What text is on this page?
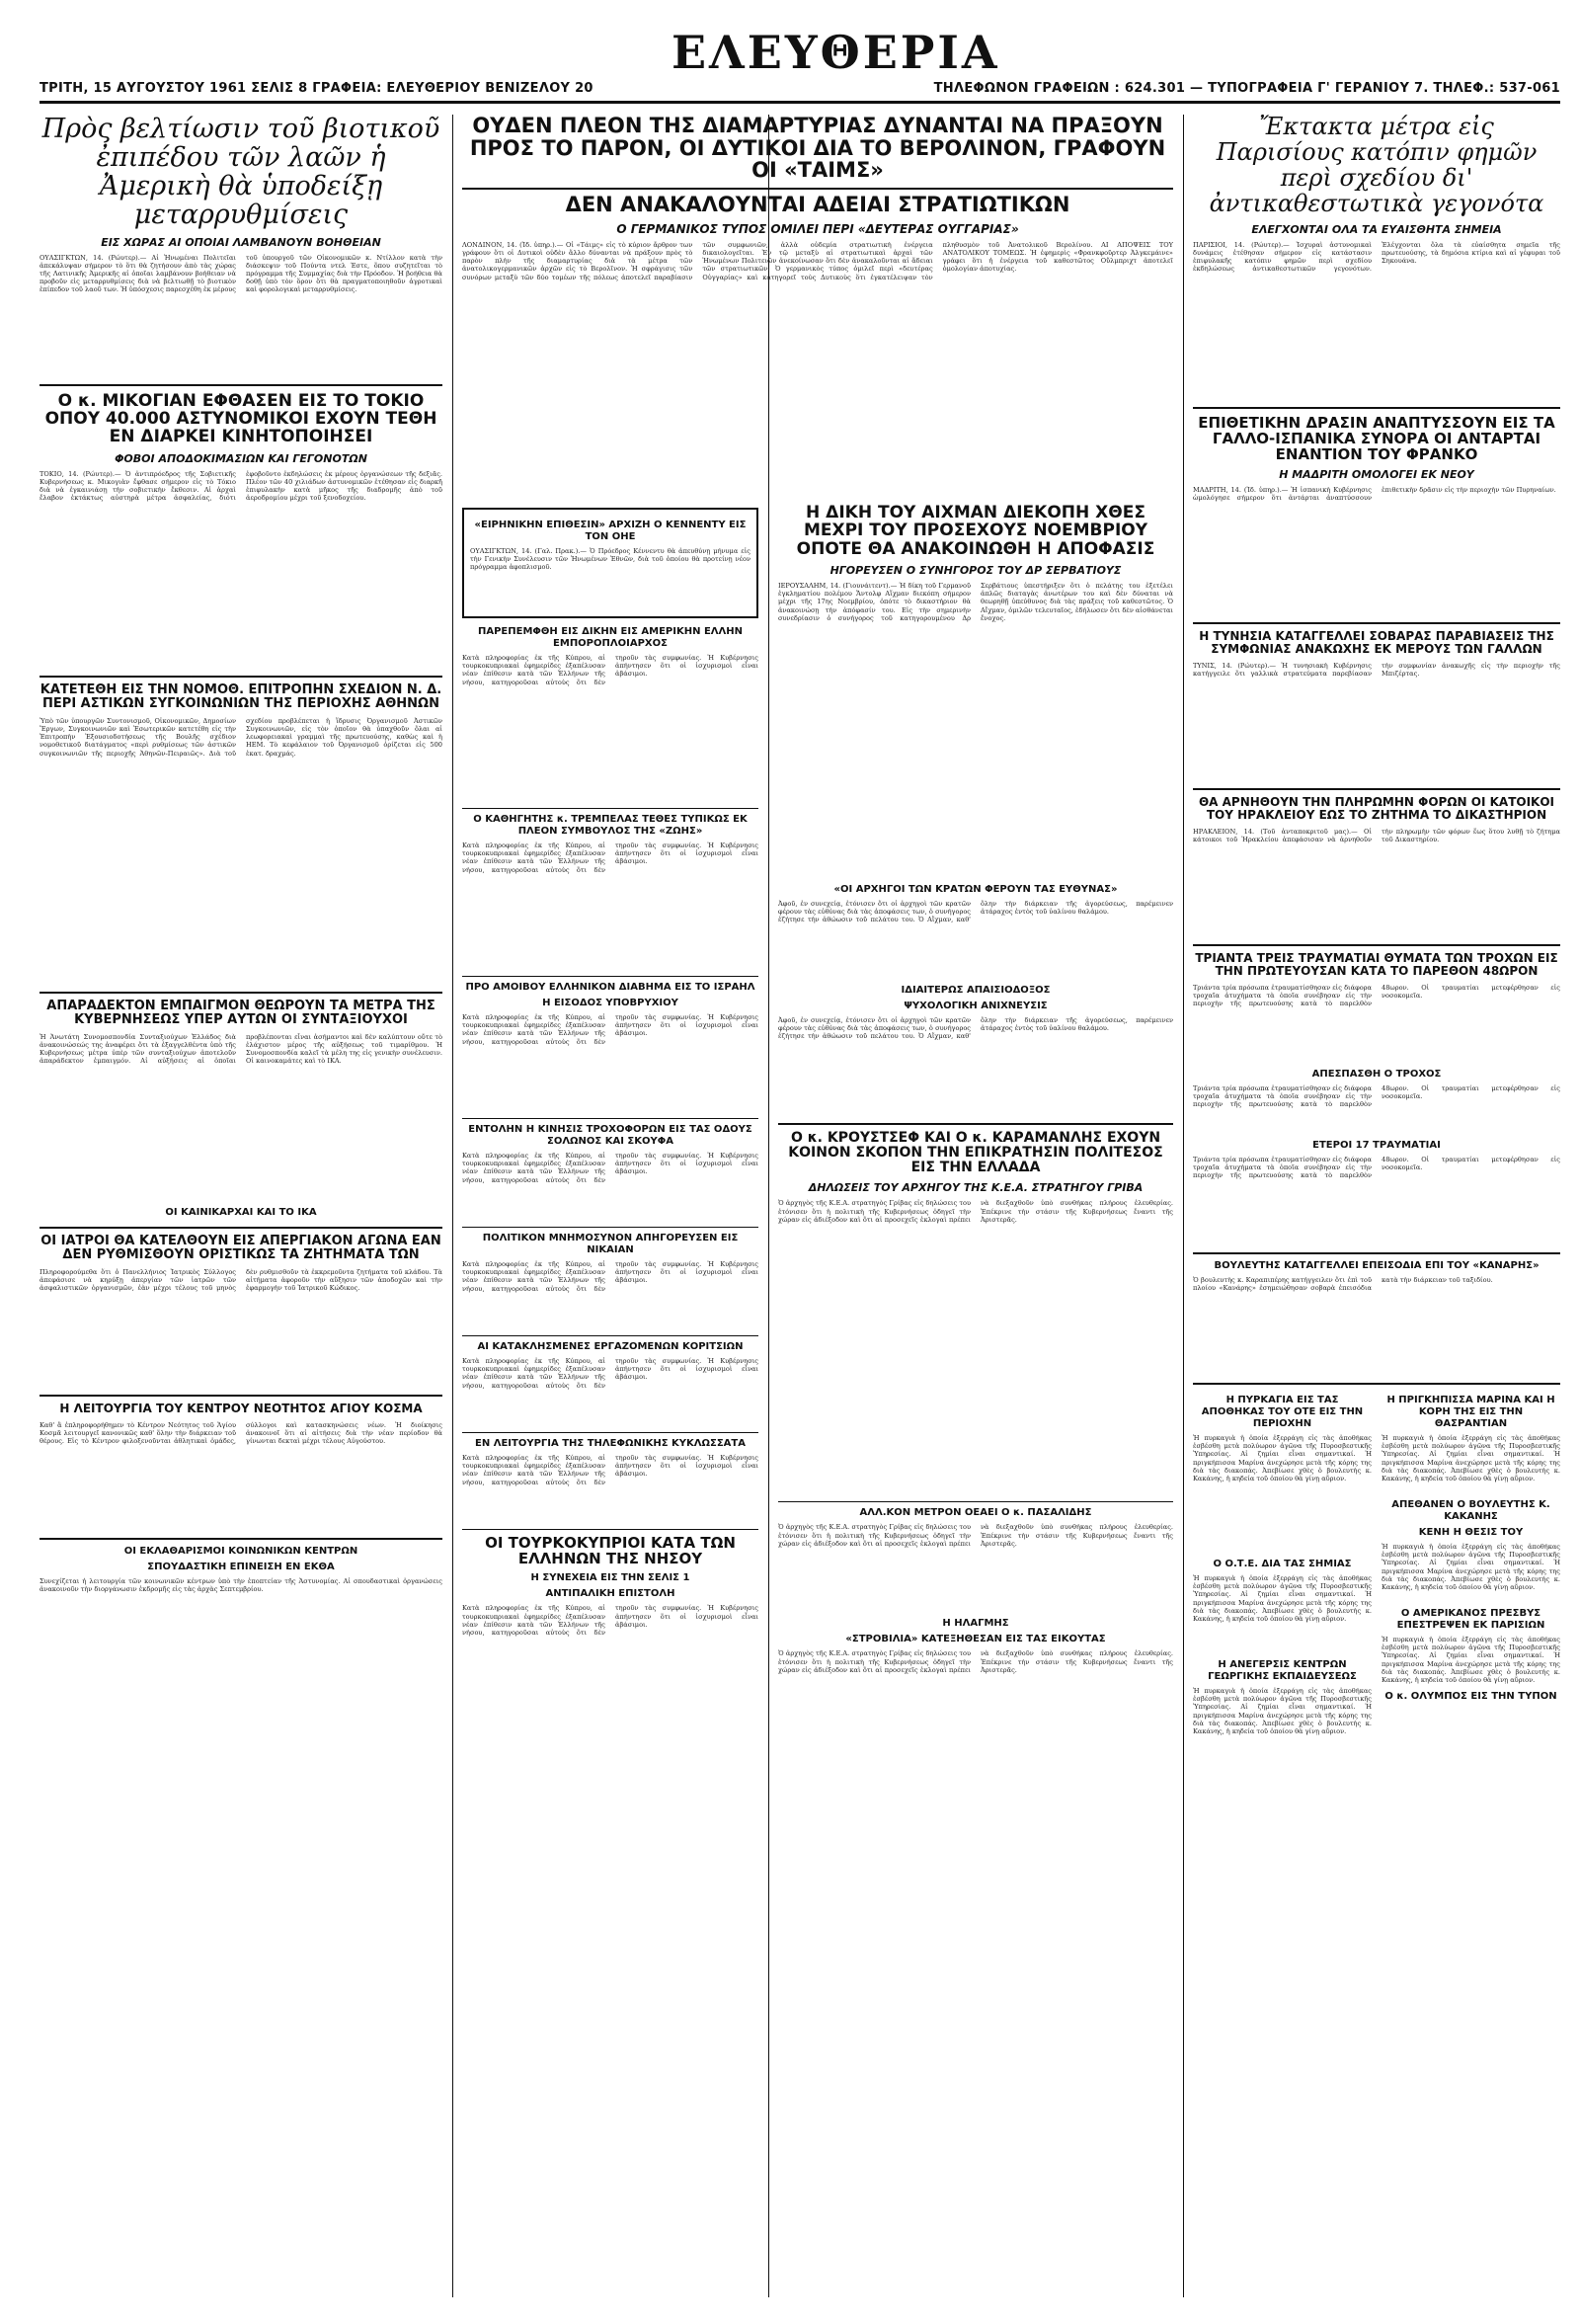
ΕΛΕΥΘΕΡΙΑ
ΤΡΙΤΗ, 15 ΑΥΓΟΥΣΤΟΥ 1961 ΣΕΛΙΣ 8 ΓΡΑΦΕΙΑ: ΕΛΕΥΘΕΡΙΟΥ ΒΕΝΙΖΕΛΟΥ 20	ΤΗΛΕΦΩΝΟΝ ΓΡΑΦΕΙΩΝ : 624.301 — ΤΥΠΟΓΡΑΦΕΙΑ Γ' ΓΕΡΑΝΙΟΥ 7. ΤΗΛΕΦ.: 537-061
Πρὸς βελτίωσιν τοῦ βιοτικοῦ ἐπιπέδου τῶν λαῶν ἡ Ἀμερικὴ θὰ ὑποδείξῃ μεταρρυθμίσεις
ΕΙΣ ΧΩΡΑΣ ΑΙ ΟΠΟΙΑΙ ΛΑΜΒΑΝΟΥΝ ΒΟΗΘΕΙΑΝ
ΟΥΑΣΙΓΚΤΩΝ, 14. (Ρώυτερ).— Αἱ Ἡνωμέναι Πολιτεῖαι ἀπεκάλυψαν σήμερον τὸ ὅτι θὰ ζητήσουν ἀπὸ τὰς χώρας τῆς Λατινικῆς Ἀμερικῆς αἱ ὁποῖαι λαμβάνουν βοήθειαν νὰ προβοῦν εἰς μεταρρυθμίσεις διὰ νὰ βελτιωθῇ τὸ βιοτικὸν ἐπίπεδον τοῦ λαοῦ των. Ἡ ὑπόσχεσις παρεσχέθη ἐκ μέρους τοῦ ὑπουργοῦ τῶν Οἰκονομικῶν κ. Ντίλλον κατὰ τὴν διάσκεψιν τοῦ Πούντα ντελ Έστε, ὅπου συζητεῖται τὸ πρόγραμμα τῆς Συμμαχίας διὰ τὴν Πρόοδον. Ἡ βοήθεια θὰ δοθῇ ὑπὸ τὸν ὅρον ὅτι θὰ πραγματοποιηθοῦν ἀγροτικαὶ καὶ φορολογικαὶ μεταρρυθμίσεις.
Ο κ. ΜΙΚΟΓΙΑΝ ΕΦΘΑΣΕΝ ΕΙΣ ΤΟ ΤΟΚΙΟ ΟΠΟΥ 40.000 ΑΣΤΥΝΟΜΙΚΟΙ ΕΧΟΥΝ ΤΕΘΗ ΕΝ ΔΙΑΡΚΕΙ ΚΙΝΗΤΟΠΟΙΗΣΕΙ
ΦΟΒΟΙ ΑΠΟΔΟΚΙΜΑΣΙΩΝ ΚΑΙ ΓΕΓΟΝΟΤΩΝ
ΤΟΚΙΟ, 14. (Ρώυτερ).— Ὁ ἀντιπρόεδρος τῆς Σοβιετικῆς Κυβερνήσεως κ. Μικογιὰν ἔφθασε σήμερον εἰς τὸ Τόκιο διὰ νὰ ἐγκαινιάσῃ τὴν σοβιετικὴν ἔκθεσιν. Αἱ ἀρχαὶ ἔλαβον ἐκτάκτως αὐστηρὰ μέτρα ἀσφαλείας, διότι ἐφοβοῦντο ἐκδηλώσεις ἐκ μέρους ὀργανώσεων τῆς δεξιᾶς. Πλέον τῶν 40 χιλιάδων ἀστυνομικῶν ἐτέθησαν εἰς διαρκῆ ἐπιφυλακὴν κατὰ μῆκος τῆς διαδρομῆς ἀπὸ τοῦ ἀεροδρομίου μέχρι τοῦ ξενοδοχείου.
ΚΑΤΕΤΕΘΗ ΕΙΣ ΤΗΝ ΝΟΜΟΘ. ΕΠΙΤΡΟΠΗΝ ΣΧΕΔΙΟΝ Ν. Δ. ΠΕΡΙ ΑΣΤΙΚΩΝ ΣΥΓΚΟΙΝΩΝΙΩΝ ΤΗΣ ΠΕΡΙΟΧΗΣ ΑΘΗΝΩΝ
Ὑπὸ τῶν ὑπουργῶν Συντονισμοῦ, Οἰκονομικῶν, Δημοσίων Ἔργων, Συγκοινωνιῶν καὶ Ἐσωτερικῶν κατετέθη εἰς τὴν Ἐπιτροπὴν Ἐξουσιοδοτήσεως τῆς Βουλῆς σχέδιον νομοθετικοῦ διατάγματος «περὶ ρυθμίσεως τῶν ἀστικῶν συγκοινωνιῶν τῆς περιοχῆς Ἀθηνῶν-Πειραιῶς». Διὰ τοῦ σχεδίου προβλέπεται ἡ ἵδρυσις Ὀργανισμοῦ Ἀστικῶν Συγκοινωνιῶν, εἰς τὸν ὁποῖον θὰ ὑπαχθοῦν ὅλαι αἱ λεωφορειακαὶ γραμμαὶ τῆς πρωτευούσης, καθὼς καὶ ἡ ΗΕΜ. Τὸ κεφάλαιον τοῦ Ὀργανισμοῦ ὁρίζεται εἰς 500 ἑκατ. δραχμάς.
ΑΠΑΡΑΔΕΚΤΟΝ ΕΜΠΑΙΓΜΟΝ ΘΕΩΡΟΥΝ ΤΑ ΜΕΤΡΑ ΤΗΣ ΚΥΒΕΡΝΗΣΕΩΣ ΥΠΕΡ ΑΥΤΩΝ ΟΙ ΣΥΝΤΑΞΙΟΥΧΟΙ
Ἡ Ἀνωτάτη Συνομοσπονδία Συνταξιούχων Ἑλλάδος διὰ ἀνακοινώσεώς της ἀναφέρει ὅτι τὰ ἐξαγγελθέντα ὑπὸ τῆς Κυβερνήσεως μέτρα ὑπὲρ τῶν συνταξιούχων ἀποτελοῦν ἀπαράδεκτον ἐμπαιγμόν. Αἱ αὐξήσεις αἱ ὁποῖαι προβλέπονται εἶναι ἀσήμαντοι καὶ δὲν καλύπτουν οὔτε τὸ ἐλάχιστον μέρος τῆς αὐξήσεως τοῦ τιμαρίθμου. Ἡ Συνομοσπονδία καλεῖ τὰ μέλη της εἰς γενικὴν συνέλευσιν. Οἱ καινοκαμάτες καὶ τὸ ΙΚΑ.
ΟΙ ΚΑΙΝΙΚΑΡΧΑΙ ΚΑΙ ΤΟ ΙΚΑ
ΟΙ ΙΑΤΡΟΙ ΘΑ ΚΑΤΕΛΘΟΥΝ ΕΙΣ ΑΠΕΡΓΙΑΚΟΝ ΑΓΩΝΑ ΕΑΝ ΔΕΝ ΡΥΘΜΙΣΘΟΥΝ ΟΡΙΣΤΙΚΩΣ ΤΑ ΖΗΤΗΜΑΤΑ ΤΩΝ
Πληροφορούμεθα ὅτι ὁ Πανελλήνιος Ἰατρικὸς Σύλλογος ἀπεφάσισε νὰ κηρύξῃ ἀπεργίαν τῶν ἰατρῶν τῶν ἀσφαλιστικῶν ὀργανισμῶν, ἐὰν μέχρι τέλους τοῦ μηνὸς δὲν ρυθμισθοῦν τὰ ἐκκρεμοῦντα ζητήματα τοῦ κλάδου. Τὰ αἰτήματα ἀφοροῦν τὴν αὔξησιν τῶν ἀποδοχῶν καὶ τὴν ἐφαρμογὴν τοῦ Ἰατρικοῦ Κώδικος.
Η ΛΕΙΤΟΥΡΓΙΑ ΤΟΥ ΚΕΝΤΡΟΥ ΝΕΟΤΗΤΟΣ ΑΓΙΟΥ ΚΟΣΜΑ
Καθ' ἃ ἐπληροφορήθημεν τὸ Κέντρον Νεότητος τοῦ Ἁγίου Κοσμᾶ λειτουργεῖ κανονικῶς καθ' ὅλην τὴν διάρκειαν τοῦ θέρους. Εἰς τὸ Κέντρον φιλοξενοῦνται ἀθλητικαὶ ὁμάδες, σύλλογοι καὶ κατασκηνώσεις νέων. Ἡ διοίκησις ἀνακοινοῖ ὅτι αἱ αἰτήσεις διὰ τὴν νέαν περίοδον θὰ γίνωνται δεκταὶ μέχρι τέλους Αὐγούστου.
ΟΙ ΕΚΛΑΘΑΡΙΣΜΟΙ ΚΟΙΝΩΝΙΚΩΝ ΚΕΝΤΡΩΝ
ΣΠΟΥΔΑΣΤΙΚΗ ΕΠΙΝΕΙΣΗ ΕΝ ΕΚΘΑ
Συνεχίζεται ἡ λειτουργία τῶν κοινωνικῶν κέντρων ὑπὸ τὴν ἐποπτείαν τῆς Ἀστυνομίας. Αἱ σπουδαστικαὶ ὀργανώσεις ἀνακοινοῦν τὴν διοργάνωσιν ἐκδρομῆς εἰς τὰς ἀρχὰς Σεπτεμβρίου.
ΟΥΔΕΝ ΠΛΕΟΝ ΤΗΣ ΔΙΑΜΑΡΤΥΡΙΑΣ ΔΥΝΑΝΤΑΙ ΝΑ ΠΡΑΞΟΥΝ ΠΡΟΣ ΤΟ ΠΑΡΟΝ, ΟΙ ΔΥΤΙΚΟΙ ΔΙΑ ΤΟ ΒΕΡΟΛΙΝΟΝ, ΓΡΑΦΟΥΝ ΟΙ «ΤΑΙΜΣ»
ΔΕΝ ΑΝΑΚΑΛΟΥΝΤΑΙ ΑΔΕΙΑΙ ΣΤΡΑΤΙΩΤΙΚΩΝ
Ο ΓΕΡΜΑΝΙΚΟΣ ΤΥΠΟΣ ΟΜΙΛΕΙ ΠΕΡΙ «ΔΕΥΤΕΡΑΣ ΟΥΓΓΑΡΙΑΣ»
ΛΟΝΔΙΝΟΝ, 14. (Ἰδ. ὑπηρ.).— Οἱ «Τάιμς» εἰς τὸ κύριον ἄρθρον των γράφουν ὅτι οἱ Δυτικοὶ οὐδὲν ἄλλο δύνανται νὰ πράξουν πρὸς τὸ παρὸν πλὴν τῆς διαμαρτυρίας διὰ τὰ μέτρα τῶν ἀνατολικογερμανικῶν ἀρχῶν εἰς τὸ Βερολῖνον. Ἡ σφράγισις τῶν συνόρων μεταξὺ τῶν δύο τομέων τῆς πόλεως ἀποτελεῖ παραβίασιν τῶν συμφωνιῶν, ἀλλὰ οὐδεμία στρατιωτικὴ ἐνέργεια δικαιολογεῖται. Ἐν τῷ μεταξὺ αἱ στρατιωτικαὶ ἀρχαὶ τῶν Ἡνωμένων Πολιτειῶν ἀνεκοίνωσαν ὅτι δὲν ἀνακαλοῦνται αἱ ἄδειαι τῶν στρατιωτικῶν. Ὁ γερμανικὸς τύπος ὁμιλεῖ περὶ «δευτέρας Οὐγγαρίας» καὶ κατηγορεῖ τοὺς Δυτικοὺς ὅτι ἐγκατέλειψαν τὸν πληθυσμὸν τοῦ Ἀνατολικοῦ Βερολίνου. ΑΙ ΑΠΟΨΕΙΣ ΤΟΥ ΑΝΑΤΟΛΙΚΟΥ ΤΟΜΕΩΣ. Ἡ ἐφημερὶς «Φρανκφοῦρτερ Ἀλγκεμάινε» γράφει ὅτι ἡ ἐνέργεια τοῦ καθεστῶτος Οὔλμπριχτ ἀποτελεῖ ὁμολογίαν ἀποτυχίας.
«ΕΙΡΗΝΙΚΗΝ ΕΠΙΘΕΣΙΝ» ΑΡΧΙΖΗ Ο ΚΕΝΝΕΝΤΥ ΕΙΣ ΤΟΝ ΟΗΕ
ΟΥΑΣΙΓΚΤΩΝ, 14. (Γαλ. Πρακ.).— Ὁ Πρόεδρος Κέννεντυ θὰ ἀπευθύνῃ μήνυμα εἰς τὴν Γενικὴν Συνέλευσιν τῶν Ἡνωμένων Ἐθνῶν, διὰ τοῦ ὁποίου θὰ προτείνῃ νέον πρόγραμμα ἀφοπλισμοῦ.
ΠΑΡΕΠΕΜΦΘΗ ΕΙΣ ΔΙΚΗΝ ΕΙΣ ΑΜΕΡΙΚΗΝ ΕΛΛΗΝ ΕΜΠΟΡΟΠΛΟΙΑΡΧΟΣ
Κατὰ πληροφορίας ἐκ τῆς Κύπρου, αἱ τουρκοκυπριακαὶ ἐφημερίδες ἐξαπέλυσαν νέαν ἐπίθεσιν κατὰ τῶν Ἑλλήνων τῆς νήσου, κατηγοροῦσαι αὐτοὺς ὅτι δὲν τηροῦν τὰς συμφωνίας. Ἡ Κυβέρνησις ἀπήντησεν ὅτι οἱ ἰσχυρισμοὶ εἶναι ἀβάσιμοι.
Ο ΚΑΘΗΓΗΤΗΣ κ. ΤΡΕΜΠΕΛΑΣ ΤΕΘΕΣ ΤΥΠΙΚΩΣ ΕΚ ΠΛΕΟΝ ΣΥΜΒΟΥΛΟΣ ΤΗΣ «ΖΩΗΣ»
Κατὰ πληροφορίας ἐκ τῆς Κύπρου, αἱ τουρκοκυπριακαὶ ἐφημερίδες ἐξαπέλυσαν νέαν ἐπίθεσιν κατὰ τῶν Ἑλλήνων τῆς νήσου, κατηγοροῦσαι αὐτοὺς ὅτι δὲν τηροῦν τὰς συμφωνίας. Ἡ Κυβέρνησις ἀπήντησεν ὅτι οἱ ἰσχυρισμοὶ εἶναι ἀβάσιμοι.
ΠΡΟ ΑΜΟΙΒΟΥ ΕΛΛΗΝΙΚΟΝ ΔΙΑΒΗΜΑ ΕΙΣ ΤΟ ΙΣΡΑΗΛ
Η ΕΙΣΟΔΟΣ ΥΠΟΒΡΥΧΙΟΥ
Κατὰ πληροφορίας ἐκ τῆς Κύπρου, αἱ τουρκοκυπριακαὶ ἐφημερίδες ἐξαπέλυσαν νέαν ἐπίθεσιν κατὰ τῶν Ἑλλήνων τῆς νήσου, κατηγοροῦσαι αὐτοὺς ὅτι δὲν τηροῦν τὰς συμφωνίας. Ἡ Κυβέρνησις ἀπήντησεν ὅτι οἱ ἰσχυρισμοὶ εἶναι ἀβάσιμοι.
ΕΝΤΟΛΗΝ Η ΚΙΝΗΣΙΣ ΤΡΟΧΟΦΟΡΩΝ ΕΙΣ ΤΑΣ ΟΔΟΥΣ ΣΟΛΩΝΟΣ ΚΑΙ ΣΚΟΥΦΑ
Κατὰ πληροφορίας ἐκ τῆς Κύπρου, αἱ τουρκοκυπριακαὶ ἐφημερίδες ἐξαπέλυσαν νέαν ἐπίθεσιν κατὰ τῶν Ἑλλήνων τῆς νήσου, κατηγοροῦσαι αὐτοὺς ὅτι δὲν τηροῦν τὰς συμφωνίας. Ἡ Κυβέρνησις ἀπήντησεν ὅτι οἱ ἰσχυρισμοὶ εἶναι ἀβάσιμοι.
ΠΟΛΙΤΙΚΟΝ ΜΝΗΜΟΣΥΝΟΝ ΑΠΗΓΟΡΕΥΣΕΝ ΕΙΣ ΝΙΚΑΙΑΝ
Κατὰ πληροφορίας ἐκ τῆς Κύπρου, αἱ τουρκοκυπριακαὶ ἐφημερίδες ἐξαπέλυσαν νέαν ἐπίθεσιν κατὰ τῶν Ἑλλήνων τῆς νήσου, κατηγοροῦσαι αὐτοὺς ὅτι δὲν τηροῦν τὰς συμφωνίας. Ἡ Κυβέρνησις ἀπήντησεν ὅτι οἱ ἰσχυρισμοὶ εἶναι ἀβάσιμοι.
ΑΙ ΚΑΤΑΚΛΗΣΜΕΝΕΣ ΕΡΓΑΖΟΜΕΝΩΝ ΚΟΡΙΤΣΙΩΝ
Κατὰ πληροφορίας ἐκ τῆς Κύπρου, αἱ τουρκοκυπριακαὶ ἐφημερίδες ἐξαπέλυσαν νέαν ἐπίθεσιν κατὰ τῶν Ἑλλήνων τῆς νήσου, κατηγοροῦσαι αὐτοὺς ὅτι δὲν τηροῦν τὰς συμφωνίας. Ἡ Κυβέρνησις ἀπήντησεν ὅτι οἱ ἰσχυρισμοὶ εἶναι ἀβάσιμοι.
ΕΝ ΛΕΙΤΟΥΡΓΙΑ ΤΗΣ ΤΗΛΕΦΩΝΙΚΗΣ ΚΥΚΛΩΣΣΑΤΑ
Κατὰ πληροφορίας ἐκ τῆς Κύπρου, αἱ τουρκοκυπριακαὶ ἐφημερίδες ἐξαπέλυσαν νέαν ἐπίθεσιν κατὰ τῶν Ἑλλήνων τῆς νήσου, κατηγοροῦσαι αὐτοὺς ὅτι δὲν τηροῦν τὰς συμφωνίας. Ἡ Κυβέρνησις ἀπήντησεν ὅτι οἱ ἰσχυρισμοὶ εἶναι ἀβάσιμοι.
ΟΙ ΤΟΥΡΚΟΚΥΠΡΙΟΙ ΚΑΤΑ ΤΩΝ ΕΛΛΗΝΩΝ ΤΗΣ ΝΗΣΟΥ
Η ΣΥΝΕΧΕΙΑ ΕΙΣ ΤΗΝ ΣΕΛΙΣ 1
ΑΝΤΙΠΑΛΙΚΗ ΕΠΙΣΤΟΛΗ
Κατὰ πληροφορίας ἐκ τῆς Κύπρου, αἱ τουρκοκυπριακαὶ ἐφημερίδες ἐξαπέλυσαν νέαν ἐπίθεσιν κατὰ τῶν Ἑλλήνων τῆς νήσου, κατηγοροῦσαι αὐτοὺς ὅτι δὲν τηροῦν τὰς συμφωνίας. Ἡ Κυβέρνησις ἀπήντησεν ὅτι οἱ ἰσχυρισμοὶ εἶναι ἀβάσιμοι.
Η ΔΙΚΗ ΤΟΥ ΑΙΧΜΑΝ ΔΙΕΚΟΠΗ ΧΘΕΣ ΜΕΧΡΙ ΤΟΥ ΠΡΟΣΕΧΟΥΣ ΝΟΕΜΒΡΙΟΥ ΟΠΟΤΕ ΘΑ ΑΝΑΚΟΙΝΩΘΗ Η ΑΠΟΦΑΣΙΣ
ΗΓΟΡΕΥΣΕΝ Ο ΣΥΝΗΓΟΡΟΣ ΤΟΥ ΔΡ ΣΕΡΒΑΤΙΟΥΣ
ΙΕΡΟΥΣΑΛΗΜ, 14. (Γιουνάιτεντ).— Ἡ δίκη τοῦ Γερμανοῦ ἐγκληματίου πολέμου Ἄντολφ Αἴχμαν διεκόπη σήμερον μέχρι τῆς 17ης Νοεμβρίου, ὁπότε τὸ δικαστήριον θὰ ἀνακοινώσῃ τὴν ἀπόφασίν του. Εἰς τὴν σημερινὴν συνεδρίασιν ὁ συνήγορος τοῦ κατηγορουμένου Δρ Σερβάτιους ὑπεστήριξεν ὅτι ὁ πελάτης του ἐξετέλει ἁπλῶς διαταγὰς ἀνωτέρων του καὶ δὲν δύναται νὰ θεωρηθῇ ὑπεύθυνος διὰ τὰς πράξεις τοῦ καθεστῶτος. Ὁ Αἴχμαν, ὁμιλῶν τελευταῖος, ἐδήλωσεν ὅτι δὲν αἰσθάνεται ἔνοχος.
«ΟΙ ΑΡΧΗΓΟΙ ΤΩΝ ΚΡΑΤΩΝ ΦΕΡΟΥΝ ΤΑΣ ΕΥΘΥΝΑΣ»
Ἀφοῦ, ἐν συνεχείᾳ, ἐτόνισεν ὅτι οἱ ἀρχηγοὶ τῶν κρατῶν φέρουν τὰς εὐθύνας διὰ τὰς ἀποφάσεις των, ὁ συνήγορος ἐζήτησε τὴν ἀθώωσιν τοῦ πελάτου του. Ὁ Αἴχμαν, καθ' ὅλην τὴν διάρκειαν τῆς ἀγορεύσεως, παρέμεινεν ἀτάραχος ἐντὸς τοῦ ὑαλίνου θαλάμου.
ΙΔΙΑΙΤΕΡΩΣ ΑΠΑΙΣΙΟΔΟΞΟΣ
ΨΥΧΟΛΟΓΙΚΗ ΑΝΙΧΝΕΥΣΙΣ
Ἀφοῦ, ἐν συνεχείᾳ, ἐτόνισεν ὅτι οἱ ἀρχηγοὶ τῶν κρατῶν φέρουν τὰς εὐθύνας διὰ τὰς ἀποφάσεις των, ὁ συνήγορος ἐζήτησε τὴν ἀθώωσιν τοῦ πελάτου του. Ὁ Αἴχμαν, καθ' ὅλην τὴν διάρκειαν τῆς ἀγορεύσεως, παρέμεινεν ἀτάραχος ἐντὸς τοῦ ὑαλίνου θαλάμου.
Ο κ. ΚΡΟΥΣΤΣΕΦ ΚΑΙ Ο κ. ΚΑΡΑΜΑΝΛΗΣ ΕΧΟΥΝ ΚΟΙΝΟΝ ΣΚΟΠΟΝ ΤΗΝ ΕΠΙΚΡΑΤΗΣΙΝ ΠΟΛΙΤΕΣΟΣ ΕΙΣ ΤΗΝ ΕΛΛΑΔΑ
ΔΗΛΩΣΕΙΣ ΤΟΥ ΑΡΧΗΓΟΥ ΤΗΣ Κ.Ε.Α. ΣΤΡΑΤΗΓΟΥ ΓΡΙΒΑ
Ὁ ἀρχηγὸς τῆς Κ.Ε.Α. στρατηγὸς Γρίβας εἰς δηλώσεις του ἐτόνισεν ὅτι ἡ πολιτικὴ τῆς Κυβερνήσεως ὁδηγεῖ τὴν χώραν εἰς ἀδιέξοδον καὶ ὅτι αἱ προσεχεῖς ἐκλογαὶ πρέπει νὰ διεξαχθοῦν ὑπὸ συνθήκας πλήρους ἐλευθερίας. Ἐπέκρινε τὴν στάσιν τῆς Κυβερνήσεως ἔναντι τῆς Ἀριστερᾶς.
ΑΛΛ.ΚΟΝ ΜΕΤΡΟΝ ΟΕΑΕΙ Ο κ. ΠΑΣΑΛΙΔΗΣ
Ὁ ἀρχηγὸς τῆς Κ.Ε.Α. στρατηγὸς Γρίβας εἰς δηλώσεις του ἐτόνισεν ὅτι ἡ πολιτικὴ τῆς Κυβερνήσεως ὁδηγεῖ τὴν χώραν εἰς ἀδιέξοδον καὶ ὅτι αἱ προσεχεῖς ἐκλογαὶ πρέπει νὰ διεξαχθοῦν ὑπὸ συνθήκας πλήρους ἐλευθερίας. Ἐπέκρινε τὴν στάσιν τῆς Κυβερνήσεως ἔναντι τῆς Ἀριστερᾶς.
Η ΗΛΑΓΜΗΣ
«ΣΤΡΟΒΙΛΙΑ» ΚΑΤΕΞΗΘΕΣΑΝ ΕΙΣ ΤΑΣ ΕΙΚΟΥΤΑΣ
Ὁ ἀρχηγὸς τῆς Κ.Ε.Α. στρατηγὸς Γρίβας εἰς δηλώσεις του ἐτόνισεν ὅτι ἡ πολιτικὴ τῆς Κυβερνήσεως ὁδηγεῖ τὴν χώραν εἰς ἀδιέξοδον καὶ ὅτι αἱ προσεχεῖς ἐκλογαὶ πρέπει νὰ διεξαχθοῦν ὑπὸ συνθήκας πλήρους ἐλευθερίας. Ἐπέκρινε τὴν στάσιν τῆς Κυβερνήσεως ἔναντι τῆς Ἀριστερᾶς.
Ἔκτακτα μέτρα εἰς Παρισίους κατόπιν φημῶν περὶ σχεδίου δι' ἀντικαθεστωτικὰ γεγονότα
ΕΛΕΓΧΟΝΤΑΙ ΟΛΑ ΤΑ ΕΥΑΙΣΘΗΤΑ ΣΗΜΕΙΑ
ΠΑΡΙΣΙΟΙ, 14. (Ρώυτερ).— Ἰσχυραὶ ἀστυνομικαὶ δυνάμεις ἐτέθησαν σήμερον εἰς κατάστασιν ἐπιφυλακῆς κατόπιν φημῶν περὶ σχεδίου ἐκδηλώσεως ἀντικαθεστωτικῶν γεγονότων. Ἐλέγχονται ὅλα τὰ εὐαίσθητα σημεῖα τῆς πρωτευούσης, τὰ δημόσια κτίρια καὶ αἱ γέφυραι τοῦ Σηκουάνα.
ΕΠΙΘΕΤΙΚΗΝ ΔΡΑΣΙΝ ΑΝΑΠΤΥΣΣΟΥΝ ΕΙΣ ΤΑ ΓΑΛΛΟ-ΙΣΠΑΝΙΚΑ ΣΥΝΟΡΑ ΟΙ ΑΝΤΑΡΤΑΙ ΕΝΑΝΤΙΟΝ ΤΟΥ ΦΡΑΝΚΟ
Η ΜΑΔΡΙΤΗ ΟΜΟΛΟΓΕΙ ΕΚ ΝΕΟΥ
ΜΑΔΡΙΤΗ, 14. (Ἰδ. ὑπηρ.).— Ἡ ἰσπανικὴ Κυβέρνησις ὡμολόγησε σήμερον ὅτι ἀντάρται ἀναπτύσσουν ἐπιθετικὴν δρᾶσιν εἰς τὴν περιοχὴν τῶν Πυρηναίων.
Η ΤΥΝΗΣΙΑ ΚΑΤΑΓΓΕΛΛΕΙ ΣΟΒΑΡΑΣ ΠΑΡΑΒΙΑΣΕΙΣ ΤΗΣ ΣΥΜΦΩΝΙΑΣ ΑΝΑΚΩΧΗΣ ΕΚ ΜΕΡΟΥΣ ΤΩΝ ΓΑΛΛΩΝ
ΤΥΝΙΣ, 14. (Ρώυτερ).— Ἡ τυνησιακὴ Κυβέρνησις κατήγγειλε ὅτι γαλλικὰ στρατεύματα παρεβίασαν τὴν συμφωνίαν ἀνακωχῆς εἰς τὴν περιοχὴν τῆς Μπιζέρτας.
ΘΑ ΑΡΝΗΘΟΥΝ ΤΗΝ ΠΛΗΡΩΜΗΝ ΦΟΡΩΝ ΟΙ ΚΑΤΟΙΚΟΙ ΤΟΥ ΗΡΑΚΛΕΙΟΥ ΕΩΣ ΤΟ ΖΗΤΗΜΑ ΤΟ ΔΙΚΑΣΤΗΡΙΟΝ
ΗΡΑΚΛΕΙΟΝ, 14. (Τοῦ ἀνταποκριτοῦ μας).— Οἱ κάτοικοι τοῦ Ἡρακλείου ἀπεφάσισαν νὰ ἀρνηθοῦν τὴν πληρωμὴν τῶν φόρων ἕως ὅτου λυθῇ τὸ ζήτημα τοῦ Δικαστηρίου.
ΤΡΙΑΝΤΑ ΤΡΕΙΣ ΤΡΑΥΜΑΤΙΑΙ ΘΥΜΑΤΑ ΤΩΝ ΤΡΟΧΩΝ ΕΙΣ ΤΗΝ ΠΡΩΤΕΥΟΥΣΑΝ ΚΑΤΑ ΤΟ ΠΑΡΕΘΟΝ 48ΩΡΟΝ
Τριάντα τρία πρόσωπα ἐτραυματίσθησαν εἰς διάφορα τροχαῖα ἀτυχήματα τὰ ὁποῖα συνέβησαν εἰς τὴν περιοχὴν τῆς πρωτευούσης κατὰ τὸ παρελθὸν 48ωρον. Οἱ τραυματίαι μετεφέρθησαν εἰς νοσοκομεῖα.
ΑΠΕΣΠΑΣΘΗ Ο ΤΡΟΧΟΣ
Τριάντα τρία πρόσωπα ἐτραυματίσθησαν εἰς διάφορα τροχαῖα ἀτυχήματα τὰ ὁποῖα συνέβησαν εἰς τὴν περιοχὴν τῆς πρωτευούσης κατὰ τὸ παρελθὸν 48ωρον. Οἱ τραυματίαι μετεφέρθησαν εἰς νοσοκομεῖα.
ΕΤΕΡΟΙ 17 ΤΡΑΥΜΑΤΙΑΙ
Τριάντα τρία πρόσωπα ἐτραυματίσθησαν εἰς διάφορα τροχαῖα ἀτυχήματα τὰ ὁποῖα συνέβησαν εἰς τὴν περιοχὴν τῆς πρωτευούσης κατὰ τὸ παρελθὸν 48ωρον. Οἱ τραυματίαι μετεφέρθησαν εἰς νοσοκομεῖα.
ΒΟΥΛΕΥΤΗΣ ΚΑΤΑΓΓΕΛΛΕΙ ΕΠΕΙΣΟΔΙΑ ΕΠΙ ΤΟΥ «ΚΑΝΑΡΗΣ»
Ὁ βουλευτὴς κ. Καραπιπέρης κατήγγειλεν ὅτι ἐπὶ τοῦ πλοίου «Κανάρης» ἐσημειώθησαν σοβαρὰ ἐπεισόδια κατὰ τὴν διάρκειαν τοῦ ταξιδίου.
Η ΠΥΡΚΑΓΙΑ ΕΙΣ ΤΑΣ ΑΠΟΘΗΚΑΣ ΤΟΥ ΟΤΕ ΕΙΣ ΤΗΝ ΠΕΡΙΟΧΗΝ
Ἡ πυρκαγιὰ ἡ ὁποία ἐξερράγη εἰς τὰς ἀποθήκας ἐσβέσθη μετὰ πολύωρον ἀγῶνα τῆς Πυροσβεστικῆς Ὑπηρεσίας. Αἱ ζημίαι εἶναι σημαντικαί. Ἡ πριγκήπισσα Μαρίνα ἀνεχώρησε μετὰ τῆς κόρης της διὰ τὰς διακοπάς. Ἀπεβίωσε χθὲς ὁ βουλευτὴς κ. Κακάνης, ἡ κηδεία τοῦ ὁποίου θὰ γίνῃ αὔριον.
Ο Ο.Τ.Ε. ΔΙΑ ΤΑΣ ΣΗΜΙΑΣ
Ἡ πυρκαγιὰ ἡ ὁποία ἐξερράγη εἰς τὰς ἀποθήκας ἐσβέσθη μετὰ πολύωρον ἀγῶνα τῆς Πυροσβεστικῆς Ὑπηρεσίας. Αἱ ζημίαι εἶναι σημαντικαί. Ἡ πριγκήπισσα Μαρίνα ἀνεχώρησε μετὰ τῆς κόρης της διὰ τὰς διακοπάς. Ἀπεβίωσε χθὲς ὁ βουλευτὴς κ. Κακάνης, ἡ κηδεία τοῦ ὁποίου θὰ γίνῃ αὔριον.
Η ΑΝΕΓΕΡΣΙΣ ΚΕΝΤΡΩΝ ΓΕΩΡΓΙΚΗΣ ΕΚΠΑΙΔΕΥΣΕΩΣ
Ἡ πυρκαγιὰ ἡ ὁποία ἐξερράγη εἰς τὰς ἀποθήκας ἐσβέσθη μετὰ πολύωρον ἀγῶνα τῆς Πυροσβεστικῆς Ὑπηρεσίας. Αἱ ζημίαι εἶναι σημαντικαί. Ἡ πριγκήπισσα Μαρίνα ἀνεχώρησε μετὰ τῆς κόρης της διὰ τὰς διακοπάς. Ἀπεβίωσε χθὲς ὁ βουλευτὴς κ. Κακάνης, ἡ κηδεία τοῦ ὁποίου θὰ γίνῃ αὔριον.
Η ΠΡΙΓΚΗΠΙΣΣΑ ΜΑΡΙΝΑ ΚΑΙ Η ΚΟΡΗ ΤΗΣ ΕΙΣ ΤΗΝ ΘΑΣΡΑΝΤΙΑΝ
Ἡ πυρκαγιὰ ἡ ὁποία ἐξερράγη εἰς τὰς ἀποθήκας ἐσβέσθη μετὰ πολύωρον ἀγῶνα τῆς Πυροσβεστικῆς Ὑπηρεσίας. Αἱ ζημίαι εἶναι σημαντικαί. Ἡ πριγκήπισσα Μαρίνα ἀνεχώρησε μετὰ τῆς κόρης της διὰ τὰς διακοπάς. Ἀπεβίωσε χθὲς ὁ βουλευτὴς κ. Κακάνης, ἡ κηδεία τοῦ ὁποίου θὰ γίνῃ αὔριον.
ΑΠΕΘΑΝΕΝ Ο ΒΟΥΛΕΥΤΗΣ Κ. ΚΑΚΑΝΗΣ
ΚΕΝΗ Η ΘΕΣΙΣ ΤΟΥ
Ἡ πυρκαγιὰ ἡ ὁποία ἐξερράγη εἰς τὰς ἀποθήκας ἐσβέσθη μετὰ πολύωρον ἀγῶνα τῆς Πυροσβεστικῆς Ὑπηρεσίας. Αἱ ζημίαι εἶναι σημαντικαί. Ἡ πριγκήπισσα Μαρίνα ἀνεχώρησε μετὰ τῆς κόρης της διὰ τὰς διακοπάς. Ἀπεβίωσε χθὲς ὁ βουλευτὴς κ. Κακάνης, ἡ κηδεία τοῦ ὁποίου θὰ γίνῃ αὔριον.
Ο ΑΜΕΡΙΚΑΝΟΣ ΠΡΕΣΒΥΣ ΕΠΕΣΤΡΕΨΕΝ ΕΚ ΠΑΡΙΣΙΩΝ
Ἡ πυρκαγιὰ ἡ ὁποία ἐξερράγη εἰς τὰς ἀποθήκας ἐσβέσθη μετὰ πολύωρον ἀγῶνα τῆς Πυροσβεστικῆς Ὑπηρεσίας. Αἱ ζημίαι εἶναι σημαντικαί. Ἡ πριγκήπισσα Μαρίνα ἀνεχώρησε μετὰ τῆς κόρης της διὰ τὰς διακοπάς. Ἀπεβίωσε χθὲς ὁ βουλευτὴς κ. Κακάνης, ἡ κηδεία τοῦ ὁποίου θὰ γίνῃ αὔριον.
Ο κ. ΟΛΥΜΠΟΣ ΕΙΣ ΤΗΝ ΤΥΠΟΝ
